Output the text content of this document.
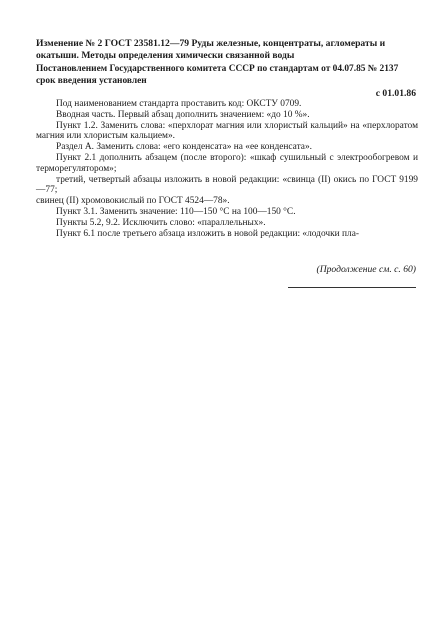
Изменение № 2 ГОСТ 23581.12—79 Руды железные, концентраты, агломераты и окатыши. Методы определения химически связанной воды
Постановлением Государственного комитета СССР по стандартам от 04.07.85 № 2137 срок введения установлен
с 01.01.86

Под наименованием стандарта проставить код: ОКСТУ 0709.

Вводная часть. Первый абзац дополнить значением: «до 10 %».

Пункт 1.2. Заменить слова: «перхлорат магния или хлористый кальций» на «перхлоратом магния или хлористым кальцием».

Раздел А. Заменить слова: «его конденсата» на «ее конденсата».

Пункт 2.1 дополнить абзацем (после второго): «шкаф сушильный с электрообогревом и терморегулятором»;

третий, четвертый абзацы изложить в новой редакции: «свинца (II) окись по ГОСТ 9199—77;

свинец (II) хромовокислый по ГОСТ 4524—78».

Пункт 3.1. Заменить значение: 110—150 °С на 100—150 °С.

Пункты 5.2, 9.2. Исключить слово: «параллельных».

Пункт 6.1 после третьего абзаца изложить в новой редакции: «лодочки пла-

(Продолжение см. с. 60)
